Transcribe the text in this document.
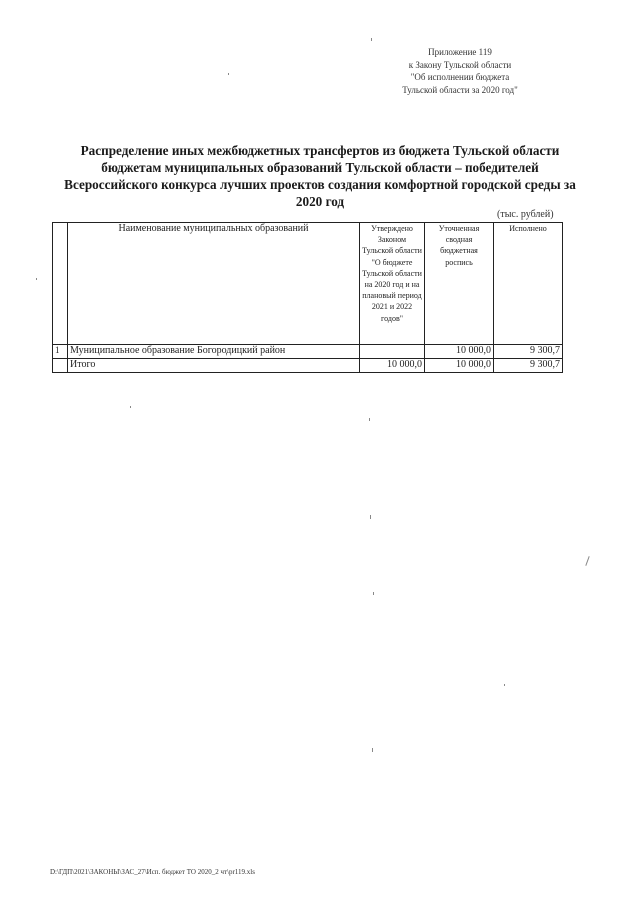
Приложение 119
к Закону Тульской области
"Об исполнении бюджета
Тульской области за 2020 год"
Распределение иных межбюджетных трансфертов из бюджета Тульской области
бюджетам муниципальных образований Тульской области – победителей
Всероссийского конкурса лучших проектов создания комфортной городской среды за
2020 год
(тыс. рублей)
	Наименование муниципальных образований	Утверждено Законом Тульской области "О бюджете Тульской области на 2020 год и на плановый период 2021 и 2022 годов"	Уточненная сводная бюджетная роспись	Исполнено
1	Муниципальное образование Богородицкий район		10 000,0	9 300,7
	Итого	10 000,0	10 000,0	9 300,7
D:\ГДП\2021\ЗАКОНЫ\ЗАС_27\Исп. бюджет ТО 2020_2 чт\pr119.xls
